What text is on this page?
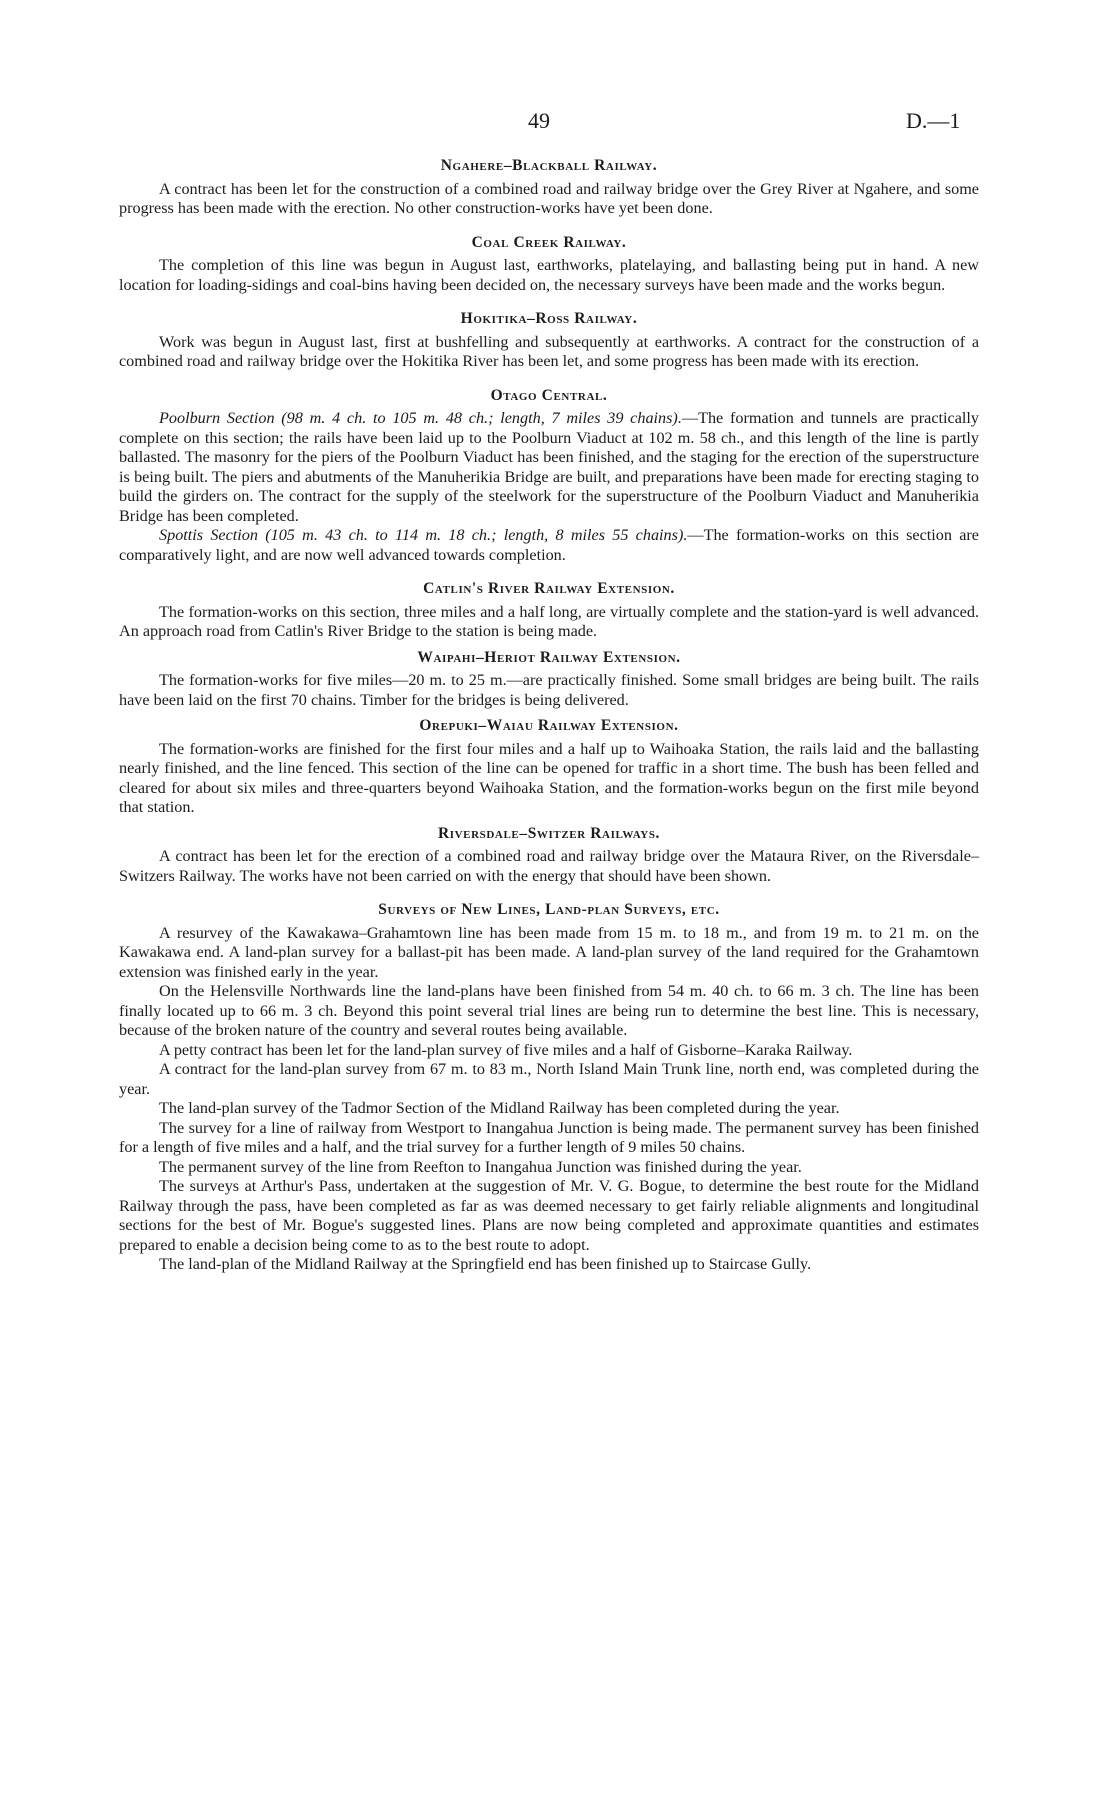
49	D.—1
Ngahere–Blackball Railway.

A contract has been let for the construction of a combined road and railway bridge over the Grey River at Ngahere, and some progress has been made with the erection. No other construction-works have yet been done.

Coal Creek Railway.

The completion of this line was begun in August last, earthworks, platelaying, and ballasting being put in hand. A new location for loading-sidings and coal-bins having been decided on, the necessary surveys have been made and the works begun.

Hokitika–Ross Railway.

Work was begun in August last, first at bushfelling and subsequently at earthworks. A contract for the construction of a combined road and railway bridge over the Hokitika River has been let, and some progress has been made with its erection.

Otago Central.

Poolburn Section (98 m. 4 ch. to 105 m. 48 ch.; length, 7 miles 39 chains).—The formation and tunnels are practically complete on this section; the rails have been laid up to the Poolburn Viaduct at 102 m. 58 ch., and this length of the line is partly ballasted. The masonry for the piers of the Poolburn Viaduct has been finished, and the staging for the erection of the superstructure is being built. The piers and abutments of the Manuherikia Bridge are built, and preparations have been made for erecting staging to build the girders on. The contract for the supply of the steelwork for the superstructure of the Poolburn Viaduct and Manuherikia Bridge has been completed.

Spottis Section (105 m. 43 ch. to 114 m. 18 ch.; length, 8 miles 55 chains).—The formation-works on this section are comparatively light, and are now well advanced towards completion.

Catlin's River Railway Extension.

The formation-works on this section, three miles and a half long, are virtually complete and the station-yard is well advanced. An approach road from Catlin's River Bridge to the station is being made.

Waipahi–Heriot Railway Extension.

The formation-works for five miles—20 m. to 25 m.—are practically finished. Some small bridges are being built. The rails have been laid on the first 70 chains. Timber for the bridges is being delivered.

Orepuki–Waiau Railway Extension.

The formation-works are finished for the first four miles and a half up to Waihoaka Station, the rails laid and the ballasting nearly finished, and the line fenced. This section of the line can be opened for traffic in a short time. The bush has been felled and cleared for about six miles and three-quarters beyond Waihoaka Station, and the formation-works begun on the first mile beyond that station.

Riversdale–Switzer Railways.

A contract has been let for the erection of a combined road and railway bridge over the Mataura River, on the Riversdale–Switzers Railway. The works have not been carried on with the energy that should have been shown.

Surveys of New Lines, Land-plan Surveys, etc.

A resurvey of the Kawakawa–Grahamtown line has been made from 15 m. to 18 m., and from 19 m. to 21 m. on the Kawakawa end. A land-plan survey for a ballast-pit has been made. A land-plan survey of the land required for the Grahamtown extension was finished early in the year.

On the Helensville Northwards line the land-plans have been finished from 54 m. 40 ch. to 66 m. 3 ch. The line has been finally located up to 66 m. 3 ch. Beyond this point several trial lines are being run to determine the best line. This is necessary, because of the broken nature of the country and several routes being available.

A petty contract has been let for the land-plan survey of five miles and a half of Gisborne–Karaka Railway.

A contract for the land-plan survey from 67 m. to 83 m., North Island Main Trunk line, north end, was completed during the year.

The land-plan survey of the Tadmor Section of the Midland Railway has been completed during the year.

The survey for a line of railway from Westport to Inangahua Junction is being made. The permanent survey has been finished for a length of five miles and a half, and the trial survey for a further length of 9 miles 50 chains.

The permanent survey of the line from Reefton to Inangahua Junction was finished during the year.

The surveys at Arthur's Pass, undertaken at the suggestion of Mr. V. G. Bogue, to determine the best route for the Midland Railway through the pass, have been completed as far as was deemed necessary to get fairly reliable alignments and longitudinal sections for the best of Mr. Bogue's suggested lines. Plans are now being completed and approximate quantities and estimates prepared to enable a decision being come to as to the best route to adopt.

The land-plan of the Midland Railway at the Springfield end has been finished up to Staircase Gully.
